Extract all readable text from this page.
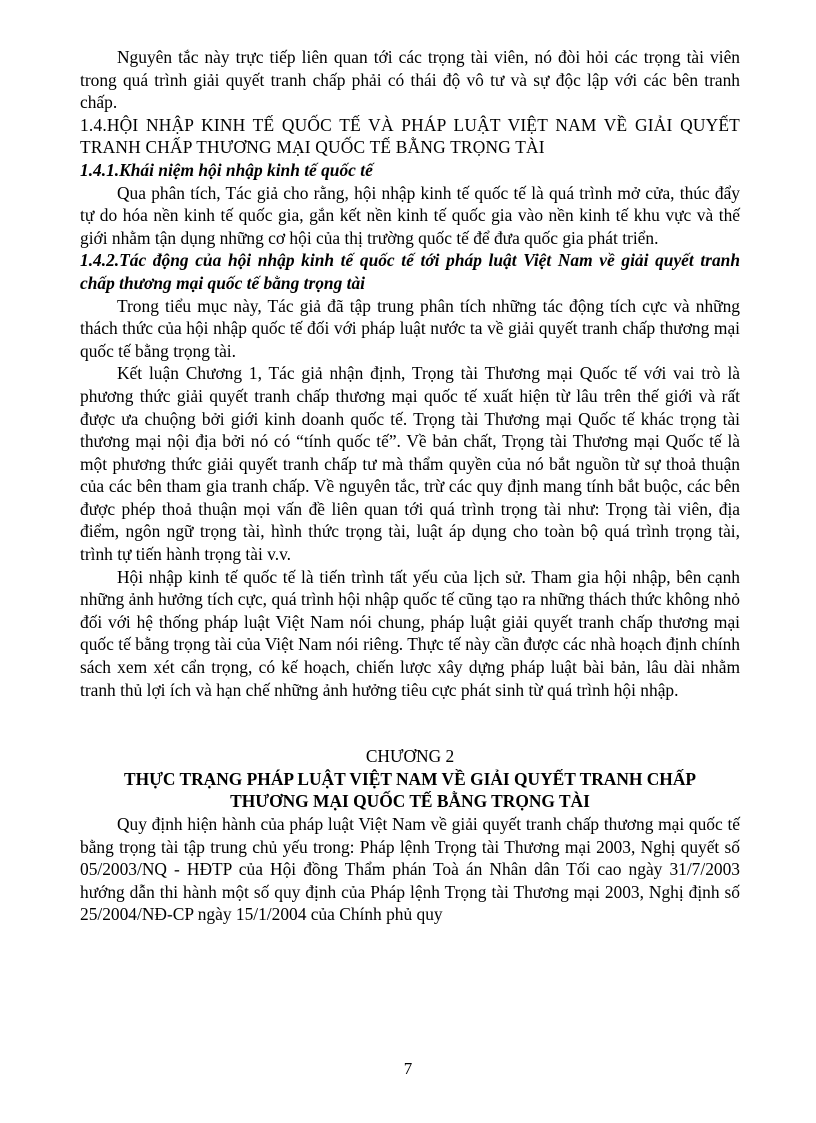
Nguyên tắc này trực tiếp liên quan tới các trọng tài viên, nó đòi hỏi các trọng tài viên trong quá trình giải quyết tranh chấp phải có thái độ vô tư và sự độc lập với các bên tranh chấp.

1.4.HỘI NHẬP KINH TẾ QUỐC TẾ VÀ PHÁP LUẬT VIỆT NAM VỀ GIẢI QUYẾT TRANH CHẤP THƯƠNG MẠI QUỐC TẾ BẰNG TRỌNG TÀI

1.4.1.Khái niệm hội nhập kinh tế quốc tế

Qua phân tích, Tác giả cho rằng, hội nhập kinh tế quốc tế là quá trình mở cửa, thúc đẩy tự do hóa nền kinh tế quốc gia, gắn kết nền kinh tế quốc gia vào nền kinh tế khu vực và thế giới nhằm tận dụng những cơ hội của thị trường quốc tế để đưa quốc gia phát triển.

1.4.2.Tác động của hội nhập kinh tế quốc tế tới pháp luật Việt Nam về giải quyết tranh chấp thương mại quốc tế bằng trọng tài

Trong tiểu mục này, Tác giả đã tập trung phân tích những tác động tích cực và những thách thức của hội nhập quốc tế đối với pháp luật nước ta về giải quyết tranh chấp thương mại quốc tế bằng trọng tài.

Kết luận Chương 1, Tác giả nhận định, Trọng tài Thương mại Quốc tế với vai trò là phương thức giải quyết tranh chấp thương mại quốc tế xuất hiện từ lâu trên thế giới và rất được ưa chuộng bởi giới kinh doanh quốc tế. Trọng tài Thương mại Quốc tế khác trọng tài thương mại nội địa bởi nó có “tính quốc tế”. Về bản chất, Trọng tài Thương mại Quốc tế là một phương thức giải quyết tranh chấp tư mà thẩm quyền của nó bắt nguồn từ sự thoả thuận của các bên tham gia tranh chấp. Về nguyên tắc, trừ các quy định mang tính bắt buộc, các bên được phép thoả thuận mọi vấn đề liên quan tới quá trình trọng tài như: Trọng tài viên, địa điểm, ngôn ngữ trọng tài, hình thức trọng tài, luật áp dụng cho toàn bộ quá trình trọng tài, trình tự tiến hành trọng tài v.v.

Hội nhập kinh tế quốc tế là tiến trình tất yếu của lịch sử. Tham gia hội nhập, bên cạnh những ảnh hưởng tích cực, quá trình hội nhập quốc tế cũng tạo ra những thách thức không nhỏ đối với hệ thống pháp luật Việt Nam nói chung, pháp luật giải quyết tranh chấp thương mại quốc tế bằng trọng tài của Việt Nam nói riêng. Thực tế này cần được các nhà hoạch định chính sách xem xét cẩn trọng, có kế hoạch, chiến lược xây dựng pháp luật bài bản, lâu dài nhằm tranh thủ lợi ích và hạn chế những ảnh hưởng tiêu cực phát sinh từ quá trình hội nhập.

CHƯƠNG 2

THỰC TRẠNG PHÁP LUẬT VIỆT NAM VỀ GIẢI QUYẾT TRANH CHẤP

THƯƠNG MẠI QUỐC TẾ BẰNG TRỌNG TÀI

Quy định hiện hành của pháp luật Việt Nam về giải quyết tranh chấp thương mại quốc tế bằng trọng tài tập trung chủ yếu trong: Pháp lệnh Trọng tài Thương mại 2003, Nghị quyết số 05/2003/NQ - HĐTP của Hội đồng Thẩm phán Toà án Nhân dân Tối cao ngày 31/7/2003 hướng dẫn thi hành một số quy định của Pháp lệnh Trọng tài Thương mại 2003, Nghị định số 25/2004/NĐ-CP ngày 15/1/2004 của Chính phủ quy

7
